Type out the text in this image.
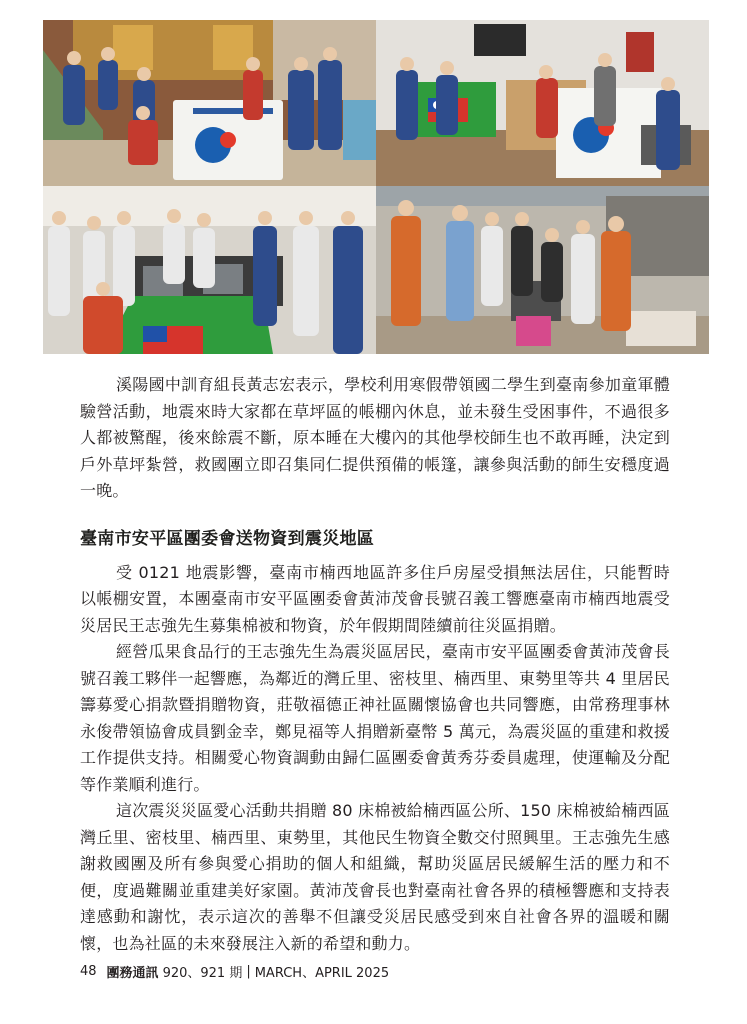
溪陽國中訓育組長黃志宏表示，學校利用寒假帶領國二學生到臺南參加童軍體驗營活動，地震來時大家都在草坪區的帳棚內休息，並未發生受困事件，不過很多人都被驚醒，後來餘震不斷，原本睡在大樓內的其他學校師生也不敢再睡，決定到戶外草坪紮營，救國團立即召集同仁提供預備的帳篷，讓參與活動的師生安穩度過一晚。

臺南市安平區團委會送物資到震災地區

受 0121 地震影響，臺南市楠西地區許多住戶房屋受損無法居住，只能暫時以帳棚安置，本團臺南市安平區團委會黃沛茂會長號召義工響應臺南市楠西地震受災居民王志強先生募集棉被和物資，於年假期間陸續前往災區捐贈。

經營瓜果食品行的王志強先生為震災區居民，臺南市安平區團委會黃沛茂會長號召義工夥伴一起響應，為鄰近的灣丘里、密枝里、楠西里、東勢里等共 4 里居民籌募愛心捐款暨捐贈物資，莊敬福德正神社區關懷協會也共同響應，由常務理事林永俊帶領協會成員劉金幸，鄭見福等人捐贈新臺幣 5 萬元，為震災區的重建和救援工作提供支持。相關愛心物資調動由歸仁區團委會黃秀芬委員處理，使運輸及分配等作業順利進行。

這次震災災區愛心活動共捐贈 80 床棉被給楠西區公所、150 床棉被給楠西區灣丘里、密枝里、楠西里、東勢里，其他民生物資全數交付照興里。王志強先生感謝救國團及所有參與愛心捐助的個人和組織，幫助災區居民緩解生活的壓力和不便，度過難關並重建美好家園。黃沛茂會長也對臺南社會各界的積極響應和支持表達感動和謝忱，表示這次的善舉不但讓受災居民感受到來自社會各界的溫暖和關懷，也為社區的未來發展注入新的希望和動力。

48 團務通訊 920、921 期 | MARCH、APRIL 2025
